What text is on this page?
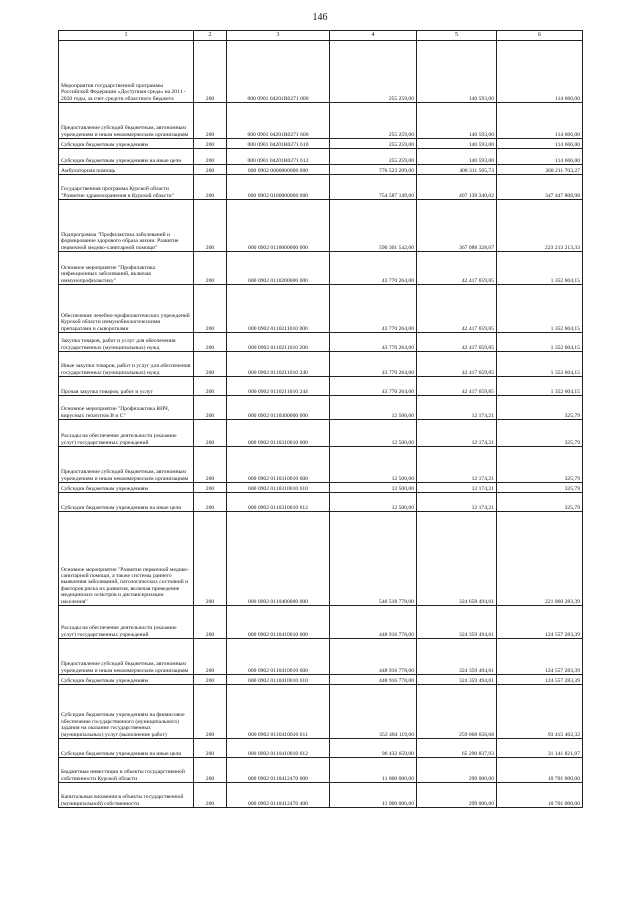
146
1	2	3	4	5	6
Мероприятия государственной программы Российской Федерации «Доступная среда» на 2011 - 2020 годы, за счет средств областного бюджета	200	000 0901 04201R0271 000	255 259,00	140 593,00	114 666,00
Предоставление субсидий бюджетным, автономным учреждениям и иным некоммерческим организациям	200	000 0901 04201R0271 600	255 259,00	140 593,00	114 666,00
Субсидии бюджетным учреждениям	200	000 0901 04201R0271 610	255 259,00	140 593,00	114 666,00
Субсидии бюджетным учреждениям на иные цели	200	000 0901 04201R0271 612	255 259,00	140 593,00	114 666,00
Амбулаторная помощь	200	000 0902 0000000000 000	776 523 209,00	408 311 505,73	368 211 703,27
Государственная программа Курской области "Развитие здравоохранения в Курской области"	200	000 0902 0100000000 000	754 587 149,00	407 139 340,02	347 447 808,98
Подпрограмма "Профилактика заболеваний и формирование здорового образа жизни. Развитие первичной медико-санитарной помощи"	200	000 0902 0110000000 000	590 301 542,00	367 088 328,67	223 213 213,33
Основное мероприятие "Профилактика инфекционных заболеваний, включая иммунопрофилактику"	200	000 0902 0110200000 000	43 770 264,00	42 417 659,85	1 352 604,15
Обеспечение лечебно-профилактических учреждений Курской области иммунобиологическими препаратами и сыворотками	200	000 0902 0110211010 000	43 770 264,00	42 417 659,85	1 352 604,15
Закупка товаров, работ и услуг для обеспечения государственных (муниципальных) нужд	200	000 0902 0110211010 200	43 770 264,00	42 417 659,85	1 352 604,15
Иные закупки товаров, работ и услуг для обеспечения государственных (муниципальных) нужд	200	000 0902 0110211010 240	43 770 264,00	42 417 659,85	1 352 604,15
Прочая закупка товаров, работ и услуг	200	000 0902 0110211010 244	43 770 264,00	42 417 659,85	1 352 604,15
Основное мероприятие "Профилактика ВИЧ, вирусных гепатитов В и С"	200	000 0902 0110300000 000	12 500,00	12 174,21	325,79
Расходы на обеспечение деятельности (оказание услуг) государственных учреждений	200	000 0902 0110310010 000	12 500,00	12 174,21	325,79
Предоставление субсидий бюджетным, автономным учреждениям и иным некоммерческим организациям	200	000 0902 0110310010 600	12 500,00	12 174,21	325,79
Субсидии бюджетным учреждениям	200	000 0902 0110310010 610	12 500,00	12 174,21	325,79
Субсидии бюджетным учреждениям на иные цели	200	000 0902 0110310010 612	12 500,00	12 174,21	325,79
Основное мероприятие "Развитие первичной медико-санитарной помощи, а также системы раннего выявления заболеваний, патологических состояний и факторов риска их развития, включая проведение медицинских осмотров и диспансеризации населения"	200	000 0902 0110400000 000	546 518 778,00	324 658 494,61	221 860 283,39
Расходы на обеспечение деятельности (оказание услуг) государственных учреждений	200	000 0902 0110410010 000	448 916 778,00	324 359 494,61	124 557 283,39
Предоставление субсидий бюджетным, автономным учреждениям и иным некоммерческим организациям	200	000 0902 0110410010 600	448 916 778,00	324 359 494,61	124 557 283,39
Субсидии бюджетным учреждениям	200	000 0902 0110410010 610	448 916 778,00	324 359 494,61	124 557 283,39
Субсидии бюджетным учреждениям на финансовое обеспечение государственного (муниципального) задания на оказание государственных (муниципальных) услуг (выполнение работ)	200	000 0902 0110410010 611	352 484 119,00	259 068 656,68	93 415 462,32
Субсидии бюджетным учреждениям на иные цели	200	000 0902 0110410010 612	96 432 659,00	65 290 837,93	31 141 821,07
Бюджетные инвестиции в объекты государственной собственности Курской области	200	000 0902 0110412470 000	11 000 000,00	299 000,00	10 701 000,00
Капитальные вложения в объекты государственной (муниципальной) собственности	200	000 0902 0110412470 400	11 000 000,00	299 000,00	10 701 000,00
